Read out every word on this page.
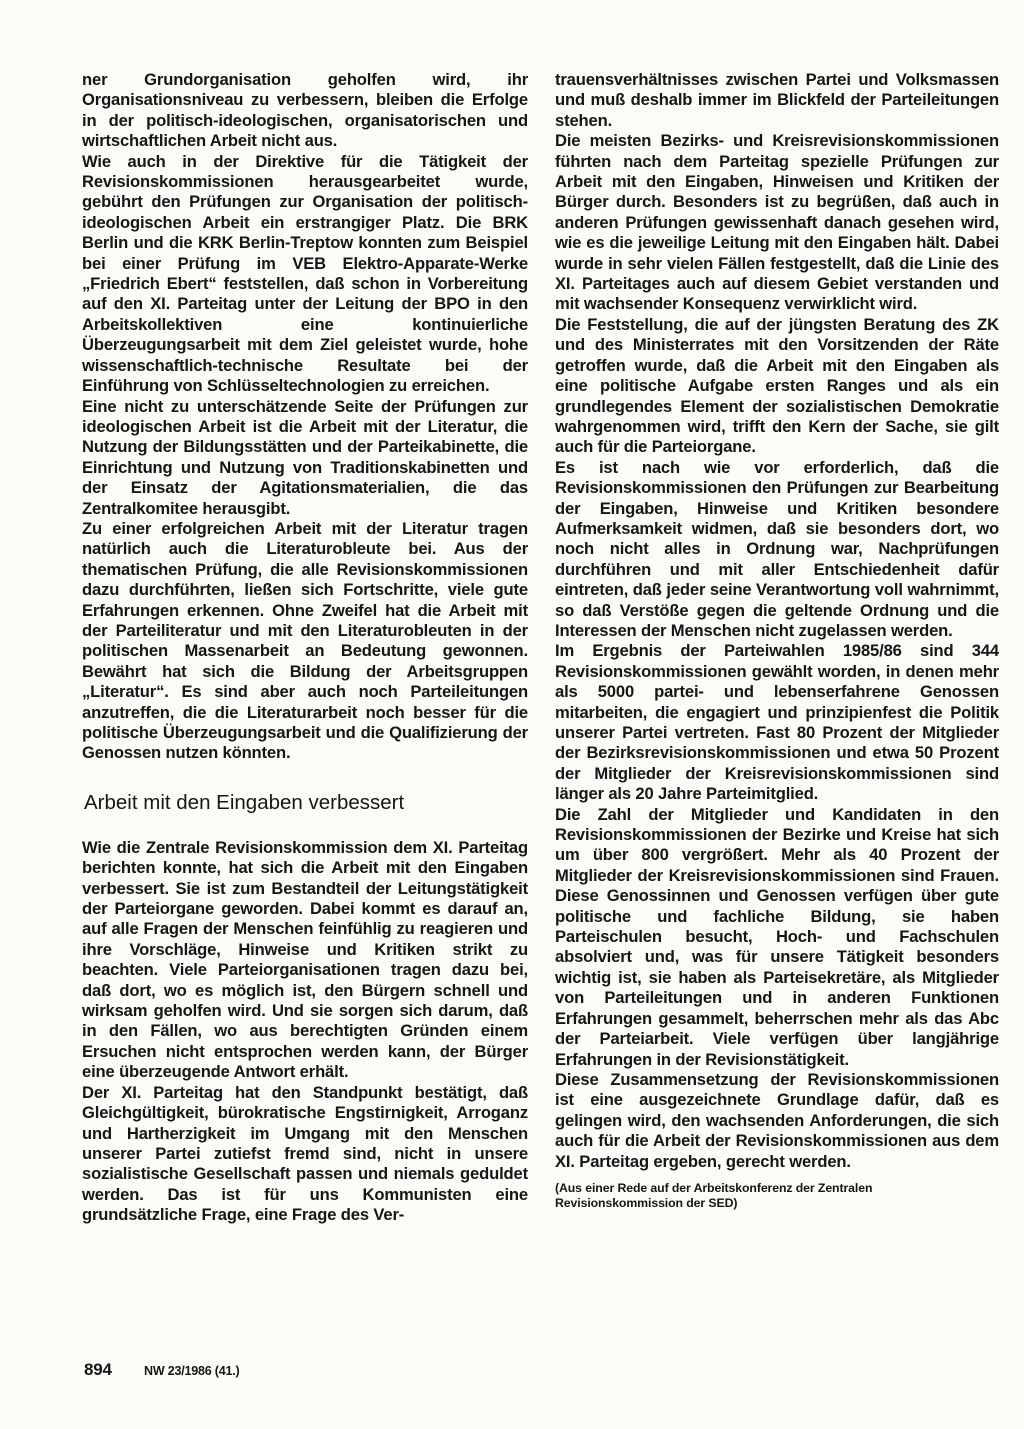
ner Grundorganisation geholfen wird, ihr Organisationsniveau zu verbessern, bleiben die Erfolge in der politisch-ideologischen, organisatorischen und wirtschaftlichen Arbeit nicht aus.

Wie auch in der Direktive für die Tätigkeit der Revisionskommissionen herausgearbeitet wurde, gebührt den Prüfungen zur Organisation der politisch-ideologischen Arbeit ein erstrangiger Platz. Die BRK Berlin und die KRK Berlin-Treptow konnten zum Beispiel bei einer Prüfung im VEB Elektro-Apparate-Werke „Friedrich Ebert“ feststellen, daß schon in Vorbereitung auf den XI. Parteitag unter der Leitung der BPO in den Arbeitskollektiven eine kontinuierliche Überzeugungsarbeit mit dem Ziel geleistet wurde, hohe wissenschaftlich-technische Resultate bei der Einführung von Schlüsseltechnologien zu erreichen.

Eine nicht zu unterschätzende Seite der Prüfungen zur ideologischen Arbeit ist die Arbeit mit der Literatur, die Nutzung der Bildungsstätten und der Parteikabinette, die Einrichtung und Nutzung von Traditionskabinetten und der Einsatz der Agitationsmaterialien, die das Zentralkomitee herausgibt.

Zu einer erfolgreichen Arbeit mit der Literatur tragen natürlich auch die Literaturobleute bei. Aus der thematischen Prüfung, die alle Revisionskommissionen dazu durchführten, ließen sich Fortschritte, viele gute Erfahrungen erkennen. Ohne Zweifel hat die Arbeit mit der Parteiliteratur und mit den Literaturobleuten in der politischen Massenarbeit an Bedeutung gewonnen. Bewährt hat sich die Bildung der Arbeitsgruppen „Literatur“. Es sind aber auch noch Parteileitungen anzutreffen, die die Literaturarbeit noch besser für die politische Überzeugungsarbeit und die Qualifizierung der Genossen nutzen könnten.

Arbeit mit den Eingaben verbessert

Wie die Zentrale Revisionskommission dem XI. Parteitag berichten konnte, hat sich die Arbeit mit den Eingaben verbessert. Sie ist zum Bestandteil der Leitungstätigkeit der Parteiorgane geworden. Dabei kommt es darauf an, auf alle Fragen der Menschen feinfühlig zu reagieren und ihre Vorschläge, Hinweise und Kritiken strikt zu beachten. Viele Parteiorganisationen tragen dazu bei, daß dort, wo es möglich ist, den Bürgern schnell und wirksam geholfen wird. Und sie sorgen sich darum, daß in den Fällen, wo aus berechtigten Gründen einem Ersuchen nicht entsprochen werden kann, der Bürger eine überzeugende Antwort erhält.

Der XI. Parteitag hat den Standpunkt bestätigt, daß Gleichgültigkeit, bürokratische Engstirnigkeit, Arroganz und Hartherzigkeit im Umgang mit den Menschen unserer Partei zutiefst fremd sind, nicht in unsere sozialistische Gesellschaft passen und niemals geduldet werden. Das ist für uns Kommunisten eine grundsätzliche Frage, eine Frage des Ver-

trauensverhältnisses zwischen Partei und Volksmassen und muß deshalb immer im Blickfeld der Parteileitungen stehen.

Die meisten Bezirks- und Kreisrevisionskommissionen führten nach dem Parteitag spezielle Prüfungen zur Arbeit mit den Eingaben, Hinweisen und Kritiken der Bürger durch. Besonders ist zu begrüßen, daß auch in anderen Prüfungen gewissenhaft danach gesehen wird, wie es die jeweilige Leitung mit den Eingaben hält. Dabei wurde in sehr vielen Fällen festgestellt, daß die Linie des XI. Parteitages auch auf diesem Gebiet verstanden und mit wachsender Konsequenz verwirklicht wird.

Die Feststellung, die auf der jüngsten Beratung des ZK und des Ministerrates mit den Vorsitzenden der Räte getroffen wurde, daß die Arbeit mit den Eingaben als eine politische Aufgabe ersten Ranges und als ein grundlegendes Element der sozialistischen Demokratie wahrgenommen wird, trifft den Kern der Sache, sie gilt auch für die Parteiorgane.

Es ist nach wie vor erforderlich, daß die Revisionskommissionen den Prüfungen zur Bearbeitung der Eingaben, Hinweise und Kritiken besondere Aufmerksamkeit widmen, daß sie besonders dort, wo noch nicht alles in Ordnung war, Nachprüfungen durchführen und mit aller Entschiedenheit dafür eintreten, daß jeder seine Verantwortung voll wahrnimmt, so daß Verstöße gegen die geltende Ordnung und die Interessen der Menschen nicht zugelassen werden.

Im Ergebnis der Parteiwahlen 1985/86 sind 344 Revisionskommissionen gewählt worden, in denen mehr als 5000 partei- und lebenserfahrene Genossen mitarbeiten, die engagiert und prinzipienfest die Politik unserer Partei vertreten. Fast 80 Prozent der Mitglieder der Bezirksrevisionskommissionen und etwa 50 Prozent der Mitglieder der Kreisrevisionskommissionen sind länger als 20 Jahre Parteimitglied.

Die Zahl der Mitglieder und Kandidaten in den Revisionskommissionen der Bezirke und Kreise hat sich um über 800 vergrößert. Mehr als 40 Prozent der Mitglieder der Kreisrevisionskommissionen sind Frauen. Diese Genossinnen und Genossen verfügen über gute politische und fachliche Bildung, sie haben Parteischulen besucht, Hoch- und Fachschulen absolviert und, was für unsere Tätigkeit besonders wichtig ist, sie haben als Parteisekretäre, als Mitglieder von Parteileitungen und in anderen Funktionen Erfahrungen gesammelt, beherrschen mehr als das Abc der Parteiarbeit. Viele verfügen über langjährige Erfahrungen in der Revisionstätigkeit.

Diese Zusammensetzung der Revisionskommissionen ist eine ausgezeichnete Grundlage dafür, daß es gelingen wird, den wachsenden Anforderungen, die sich auch für die Arbeit der Revisionskommissionen aus dem XI. Parteitag ergeben, gerecht werden.

(Aus einer Rede auf der Arbeitskonferenz der Zentralen Revisionskommission der SED)

894	NW 23/1986 (41.)
